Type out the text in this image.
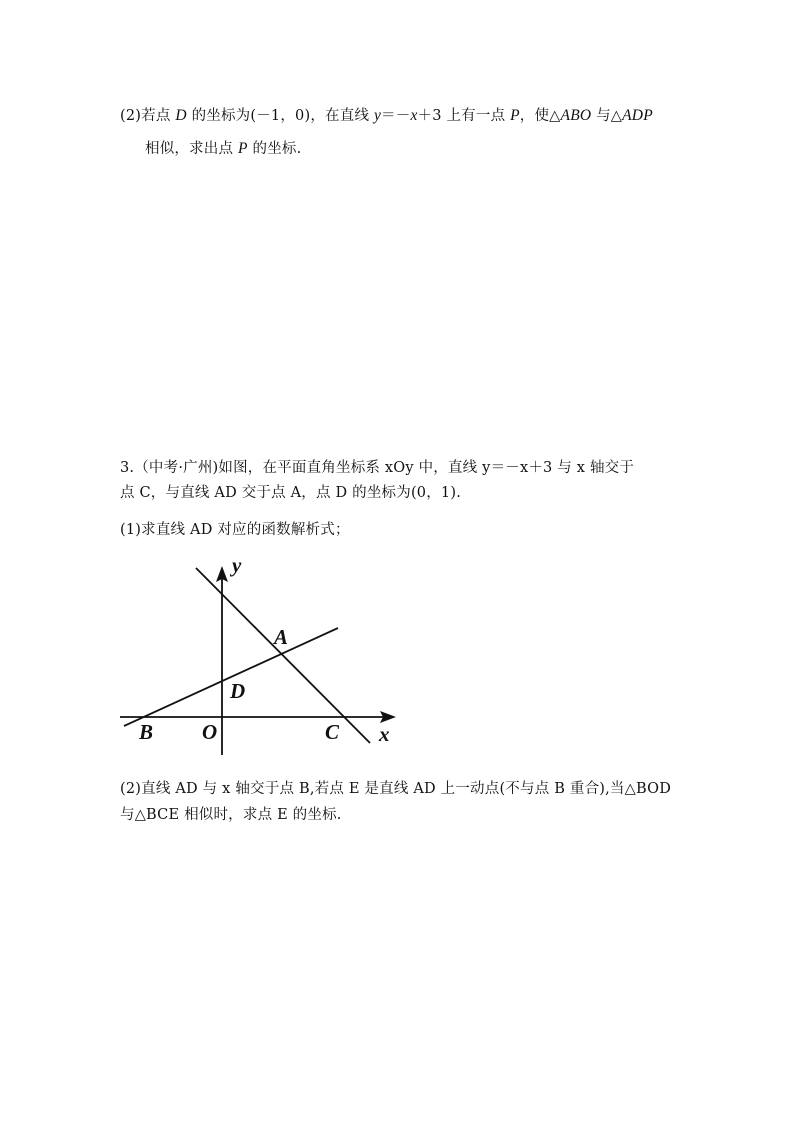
(2)若点 D 的坐标为(－1，0)，在直线 y＝－x＋3 上有一点 P，使△ABO 与△ADP
相似，求出点 P 的坐标.
3.（中考·广州)如图，在平面直角坐标系 xOy 中，直线 y＝－x＋3 与 x 轴交于
点 C，与直线 AD 交于点 A，点 D 的坐标为(0，1).
(1)求直线 AD 对应的函数解析式；
y
A
D
B O	C x
(2)直线 AD 与 x 轴交于点 B,若点 E 是直线 AD 上一动点(不与点 B 重合),当△BOD
与△BCE 相似时，求点 E 的坐标.
